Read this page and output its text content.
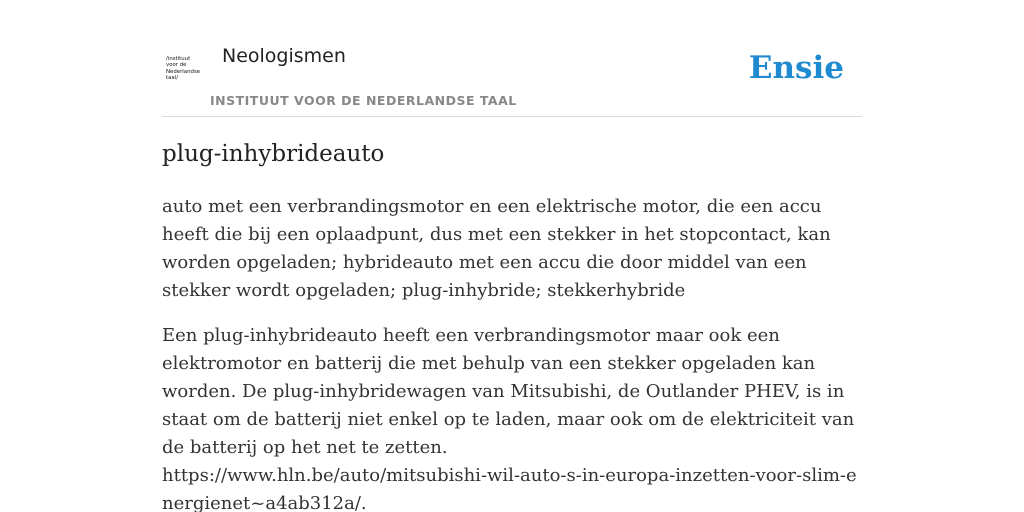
/instituut
voor de
Nederlandse
taal/
Neologismen
INSTITUUT VOOR DE NEDERLANDSE TAAL
Ensie
plug-inhybrideauto

auto met een verbrandingsmotor en een elektrische motor, die een accu heeft die bij een oplaadpunt, dus met een stekker in het stopcontact, kan worden opgeladen; hybrideauto met een accu die door middel van een stekker wordt opgeladen; plug-inhybride; stekkerhybride

Een plug-inhybrideauto heeft een verbrandingsmotor maar ook een elektromotor en batterij die met behulp van een stekker opgeladen kan worden. De plug-inhybridewagen van Mitsubishi, de Outlander PHEV, is in staat om de batterij niet enkel op te laden, maar ook om de elektriciteit van de batterij op het net te zetten.
https://www.hln.be/auto/mitsubishi-wil-auto-s-in-europa-inzetten-voor-slim-energienet~a4ab312a/.
